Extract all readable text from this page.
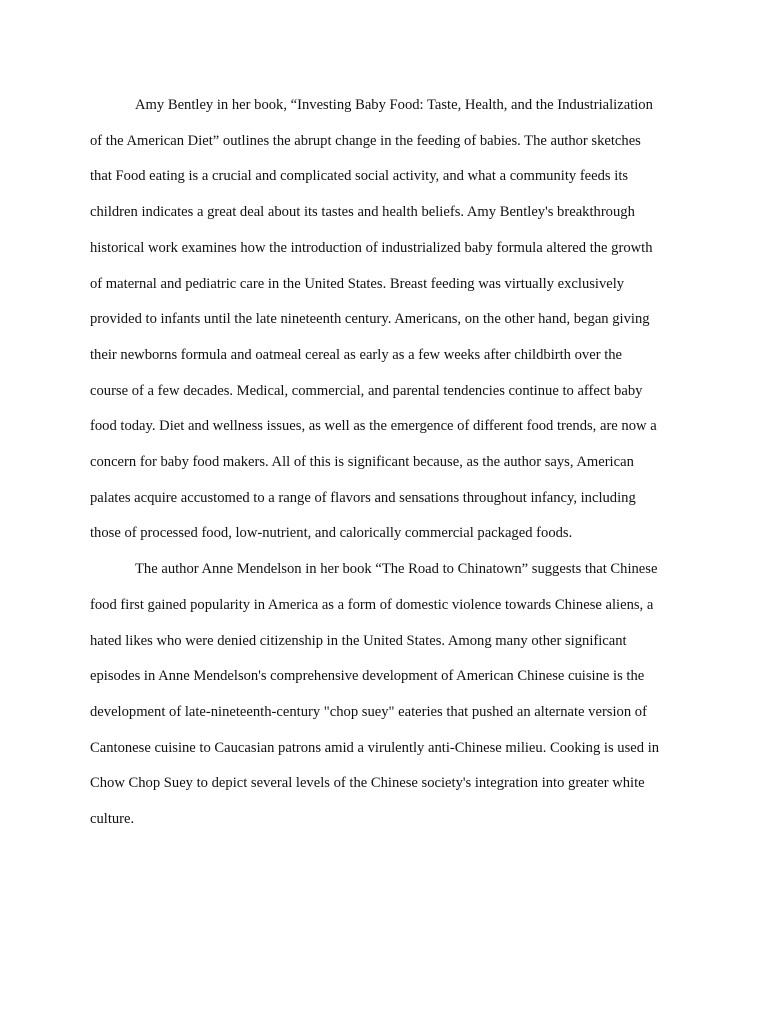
Amy Bentley in her book, “Investing Baby Food: Taste, Health, and the Industrialization
of the American Diet” outlines the abrupt change in the feeding of babies. The author sketches
that Food eating is a crucial and complicated social activity, and what a community feeds its
children indicates a great deal about its tastes and health beliefs. Amy Bentley's breakthrough
historical work examines how the introduction of industrialized baby formula altered the growth
of maternal and pediatric care in the United States. Breast feeding was virtually exclusively
provided to infants until the late nineteenth century. Americans, on the other hand, began giving
their newborns formula and oatmeal cereal as early as a few weeks after childbirth over the
course of a few decades. Medical, commercial, and parental tendencies continue to affect baby
food today. Diet and wellness issues, as well as the emergence of different food trends, are now a
concern for baby food makers. All of this is significant because, as the author says, American
palates acquire accustomed to a range of flavors and sensations throughout infancy, including
those of processed food, low-nutrient, and calorically commercial packaged foods.

The author Anne Mendelson in her book “The Road to Chinatown” suggests that Chinese
food first gained popularity in America as a form of domestic violence towards Chinese aliens, a
hated likes who were denied citizenship in the United States. Among many other significant
episodes in Anne Mendelson's comprehensive development of American Chinese cuisine is the
development of late-nineteenth-century "chop suey" eateries that pushed an alternate version of
Cantonese cuisine to Caucasian patrons amid a virulently anti-Chinese milieu. Cooking is used in
Chow Chop Suey to depict several levels of the Chinese society's integration into greater white
culture.
